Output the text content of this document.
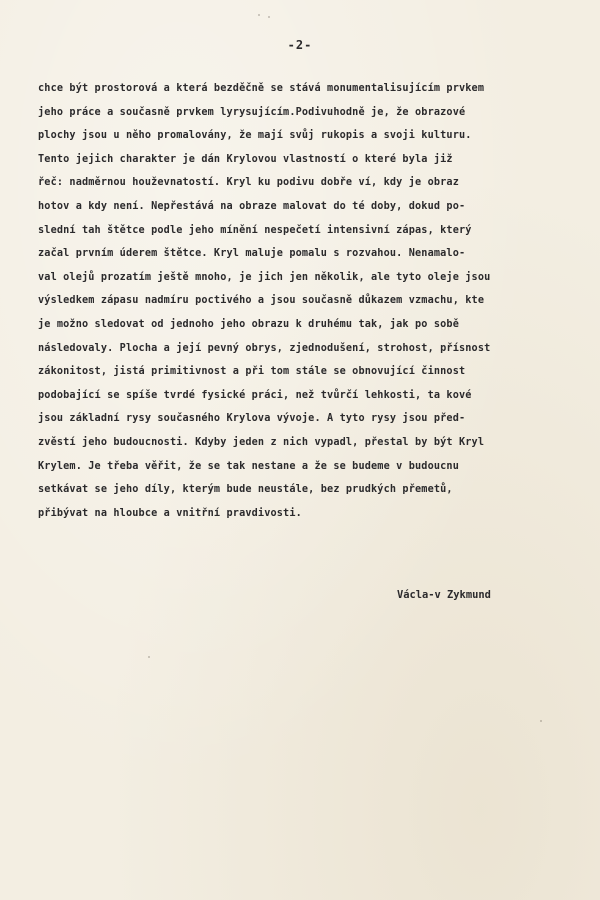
-2-
chce být prostorová a která bezděčně se stává monumentalisujícím prvkem
jeho práce a současně prvkem lyrysujícím.Podivuhodně je, že obrazové
plochy jsou u něho promalovány, že mají svůj rukopis a svoji kulturu.
Tento jejich charakter je dán Krylovou vlastností o které byla již
řeč: nadměrnou houževnatostí. Kryl ku podivu dobře ví, kdy je obraz
hotov a kdy není. Nepřestává na obraze malovat do té doby, dokud po-
slední tah štětce podle jeho mínění nespečetí intensivní zápas, který
začal prvním úderem štětce. Kryl maluje pomalu s rozvahou. Nenamalo-
val olejů prozatím ještě mnoho, je jich jen několik, ale tyto oleje jsou
výsledkem zápasu nadmíru poctivého a jsou současně důkazem vzmachu, kte
je možno sledovat od jednoho jeho obrazu k druhému tak, jak po sobě
následovaly. Plocha a její pevný obrys, zjednodušení, strohost, přísnost
zákonitost, jistá primitivnost a při tom stále se obnovující činnost
podobající se spíše tvrdé fysické práci, než tvůrčí lehkosti, ta kové
jsou základní rysy současného Krylova vývoje. A tyto rysy jsou před-
zvěstí jeho budoucnosti. Kdyby jeden z nich vypadl, přestal by být Kryl
Krylem. Je třeba věřit, že se tak nestane a že se budeme v budoucnu
setkávat se jeho díly, kterým bude neustále, bez prudkých přemetů,
přibývat na hloubce a vnitřní pravdivosti.
Václa-v Zykmund
